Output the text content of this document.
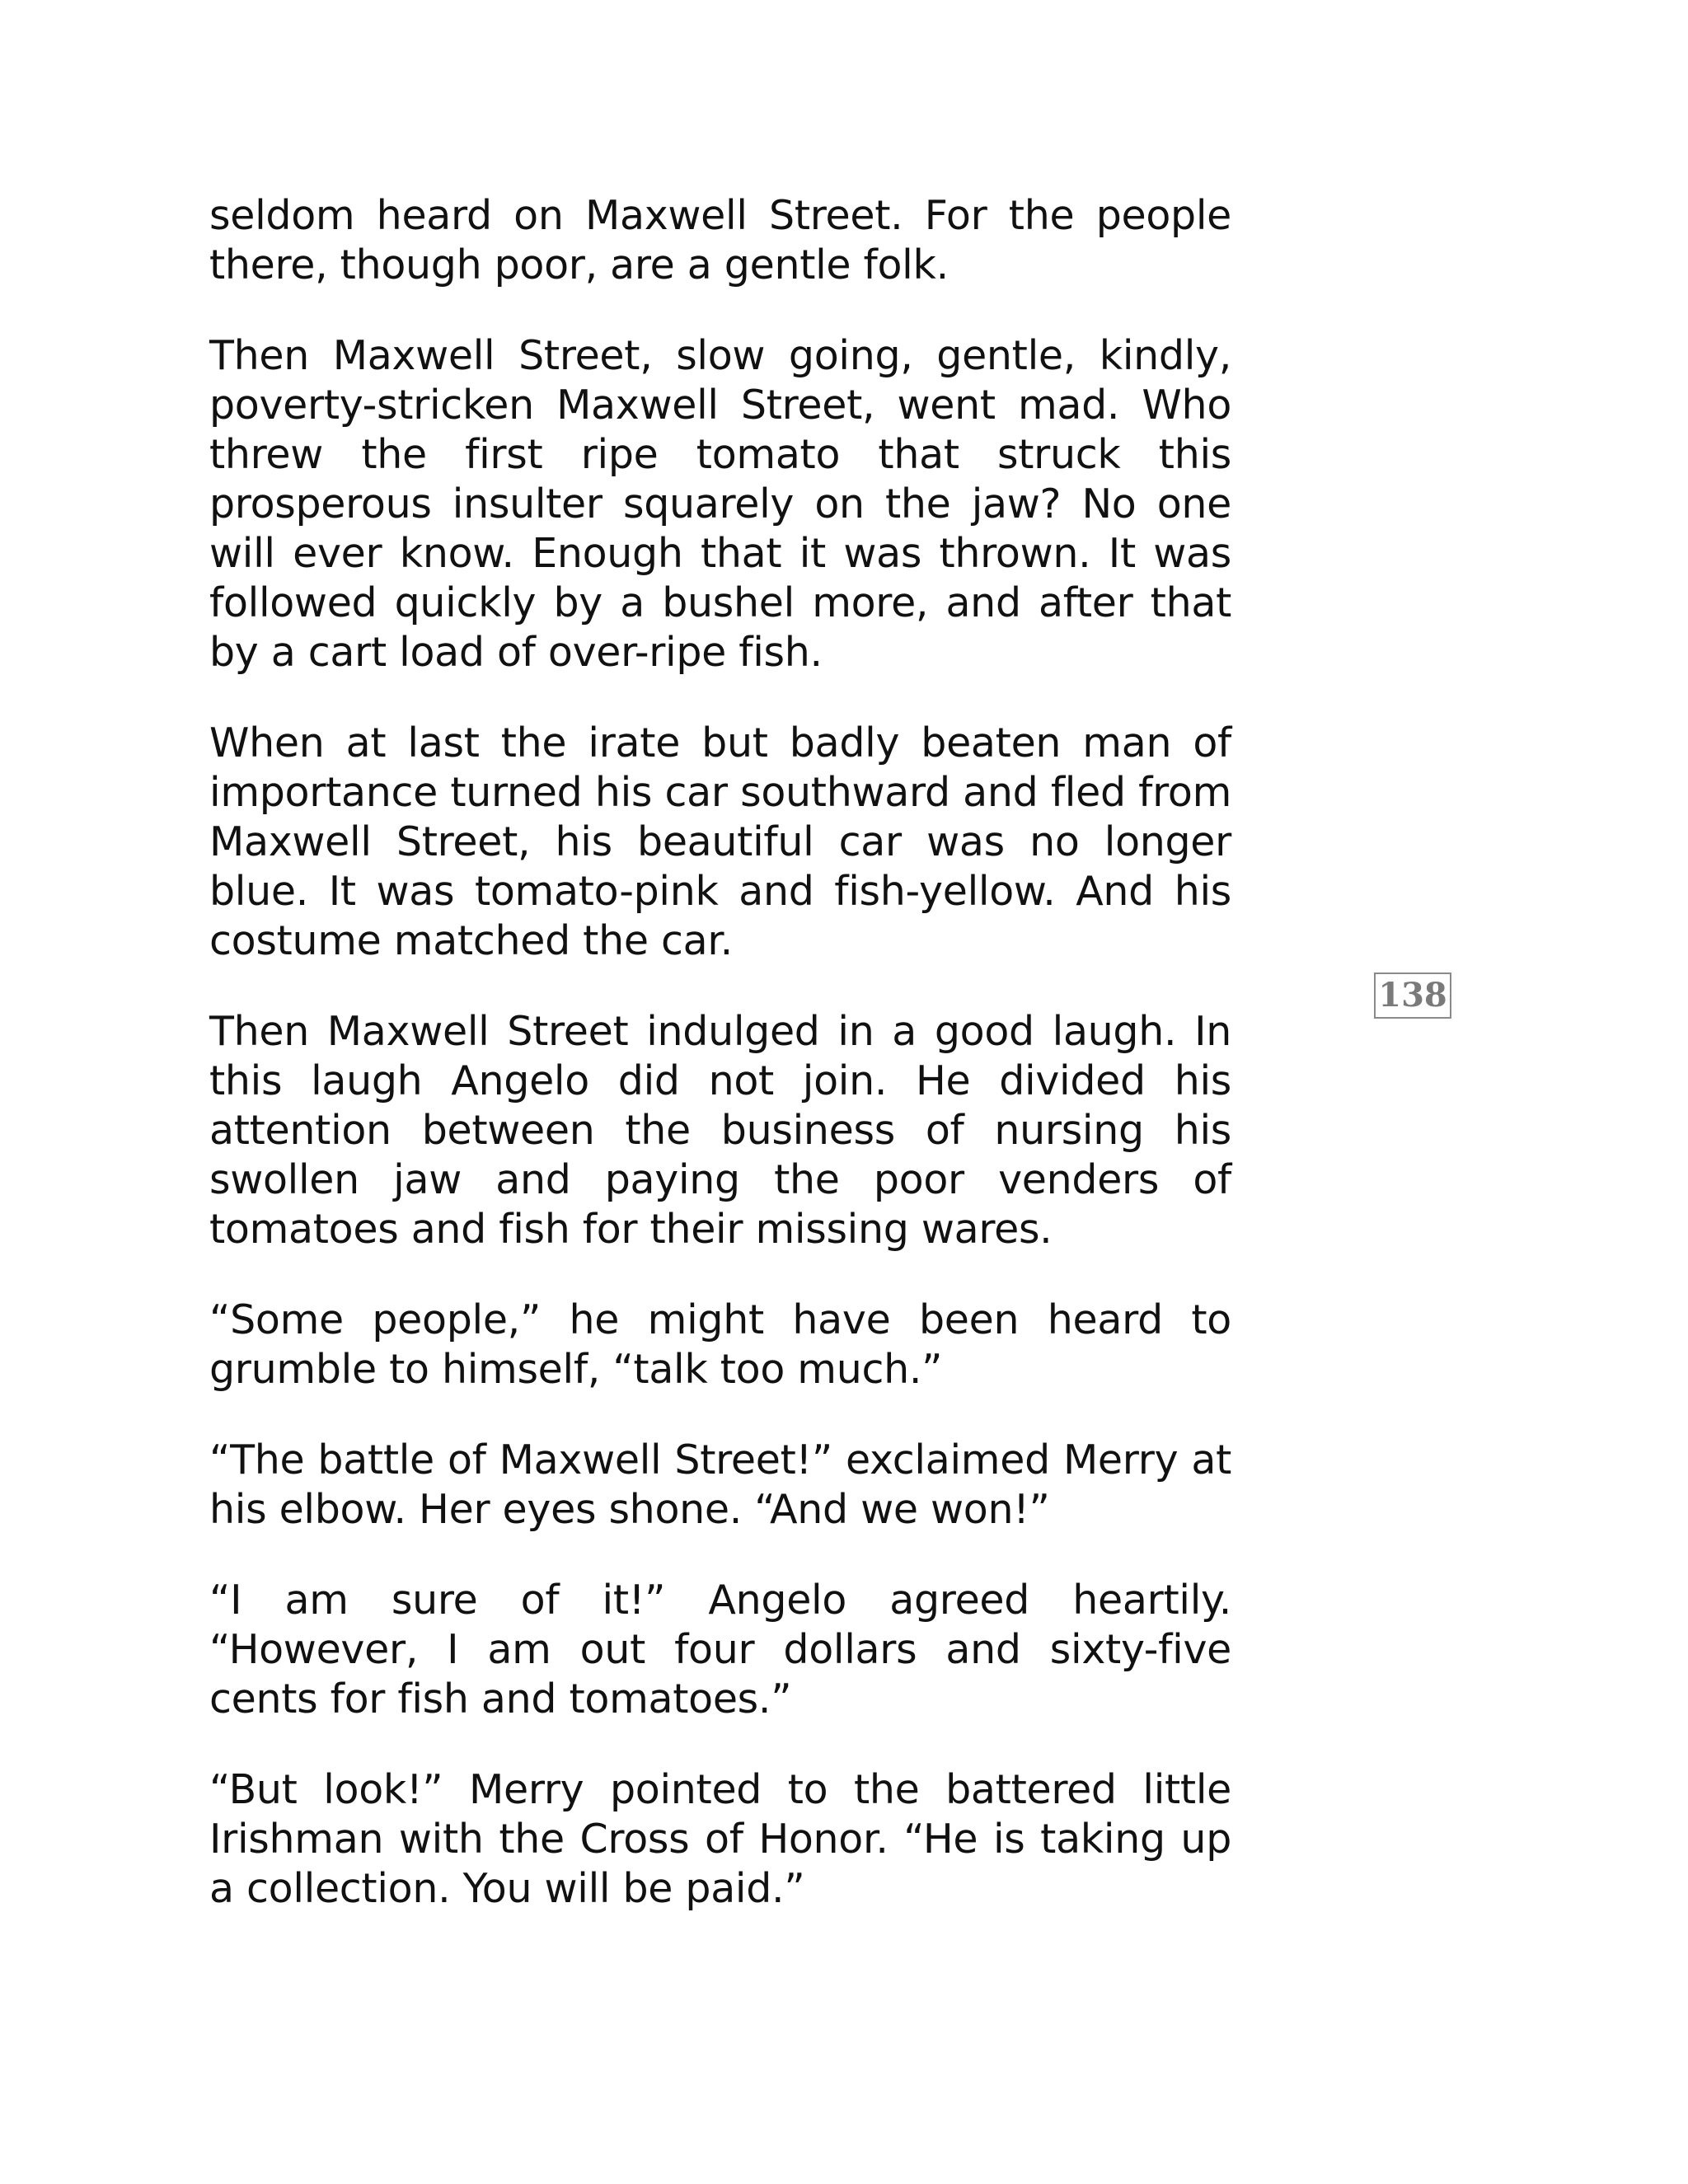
seldom heard on Maxwell Street. For the people there, though poor, are a gentle folk.

Then Maxwell Street, slow going, gentle, kindly, poverty-stricken Maxwell Street, went mad. Who threw the first ripe tomato that struck this prosperous insulter squarely on the jaw? No one will ever know. Enough that it was thrown. It was followed quickly by a bushel more, and after that by a cart load of over-ripe fish.

When at last the irate but badly beaten man of importance turned his car southward and fled from Maxwell Street, his beautiful car was no longer blue. It was tomato-pink and fish-yellow. And his costume matched the car.

Then Maxwell Street indulged in a good laugh. In this laugh Angelo did not join. He divided his attention between the business of nursing his swollen jaw and paying the poor venders of tomatoes and fish for their missing wares.

“Some people,” he might have been heard to grumble to himself, “talk too much.”

“The battle of Maxwell Street!” exclaimed Merry at his elbow. Her eyes shone. “And we won!”

“I am sure of it!” Angelo agreed heartily. “However, I am out four dollars and sixty-five cents for fish and tomatoes.”

“But look!” Merry pointed to the battered little Irishman with the Cross of Honor. “He is taking up a collection. You will be paid.”

138
